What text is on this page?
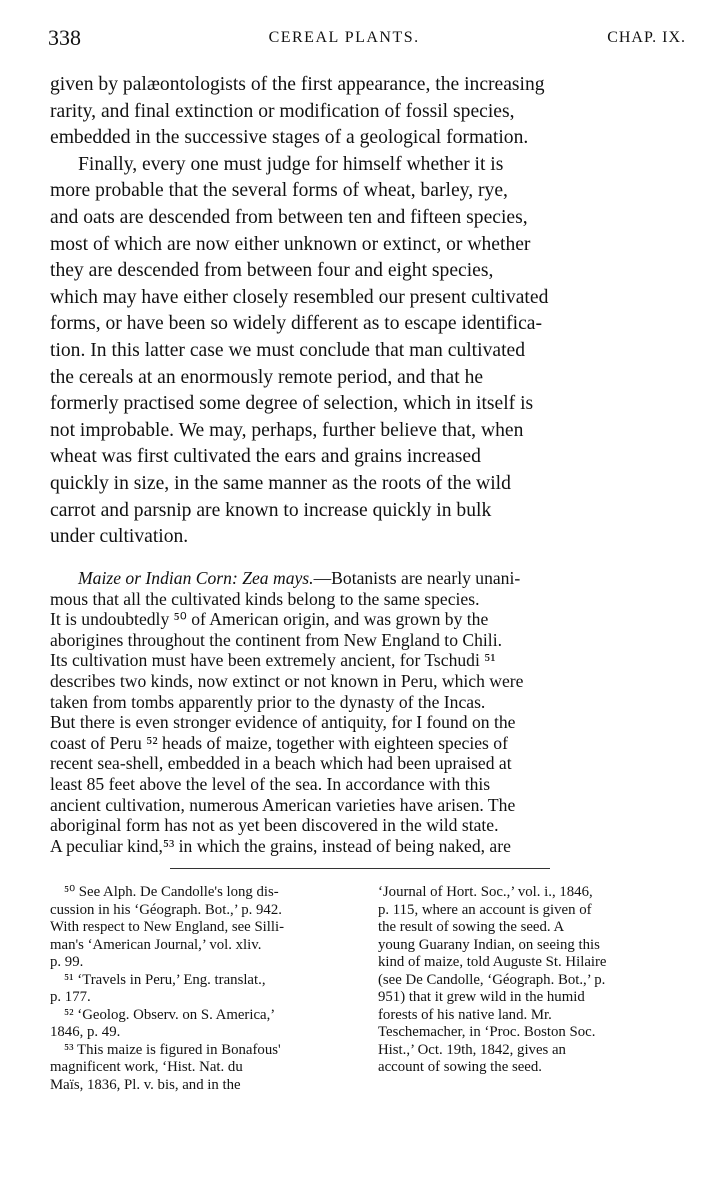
338	CEREAL PLANTS.	CHAP. IX.
given by palæontologists of the first appearance, the increasing
rarity, and final extinction or modification of fossil species,
embedded in the successive stages of a geological formation.
Finally, every one must judge for himself whether it is
more probable that the several forms of wheat, barley, rye,
and oats are descended from between ten and fifteen species,
most of which are now either unknown or extinct, or whether
they are descended from between four and eight species,
which may have either closely resembled our present cultivated
forms, or have been so widely different as to escape identifica-
tion. In this latter case we must conclude that man cultivated
the cereals at an enormously remote period, and that he
formerly practised some degree of selection, which in itself is
not improbable. We may, perhaps, further believe that, when
wheat was first cultivated the ears and grains increased
quickly in size, in the same manner as the roots of the wild
carrot and parsnip are known to increase quickly in bulk
under cultivation.
Maize or Indian Corn: Zea mays.—Botanists are nearly unani-
mous that all the cultivated kinds belong to the same species.
It is undoubtedly ⁵⁰ of American origin, and was grown by the
aborigines throughout the continent from New England to Chili.
Its cultivation must have been extremely ancient, for Tschudi ⁵¹
describes two kinds, now extinct or not known in Peru, which were
taken from tombs apparently prior to the dynasty of the Incas.
But there is even stronger evidence of antiquity, for I found on the
coast of Peru ⁵² heads of maize, together with eighteen species of
recent sea-shell, embedded in a beach which had been upraised at
least 85 feet above the level of the sea. In accordance with this
ancient cultivation, numerous American varieties have arisen. The
aboriginal form has not as yet been discovered in the wild state.
A peculiar kind,⁵³ in which the grains, instead of being naked, are
⁵⁰ See Alph. De Candolle's long dis-
cussion in his ‘Géograph. Bot.,’ p. 942.
With respect to New England, see Silli-
man's ‘American Journal,’ vol. xliv.
p. 99.
⁵¹ ‘Travels in Peru,’ Eng. translat.,
p. 177.
⁵² ‘Geolog. Observ. on S. America,’
1846, p. 49.
⁵³ This maize is figured in Bonafous'
magnificent work, ‘Hist. Nat. du
Maïs, 1836, Pl. v. bis, and in the
‘Journal of Hort. Soc.,’ vol. i., 1846,
p. 115, where an account is given of
the result of sowing the seed. A
young Guarany Indian, on seeing this
kind of maize, told Auguste St. Hilaire
(see De Candolle, ‘Géograph. Bot.,’ p.
951) that it grew wild in the humid
forests of his native land. Mr.
Teschemacher, in ‘Proc. Boston Soc.
Hist.,’ Oct. 19th, 1842, gives an
account of sowing the seed.
